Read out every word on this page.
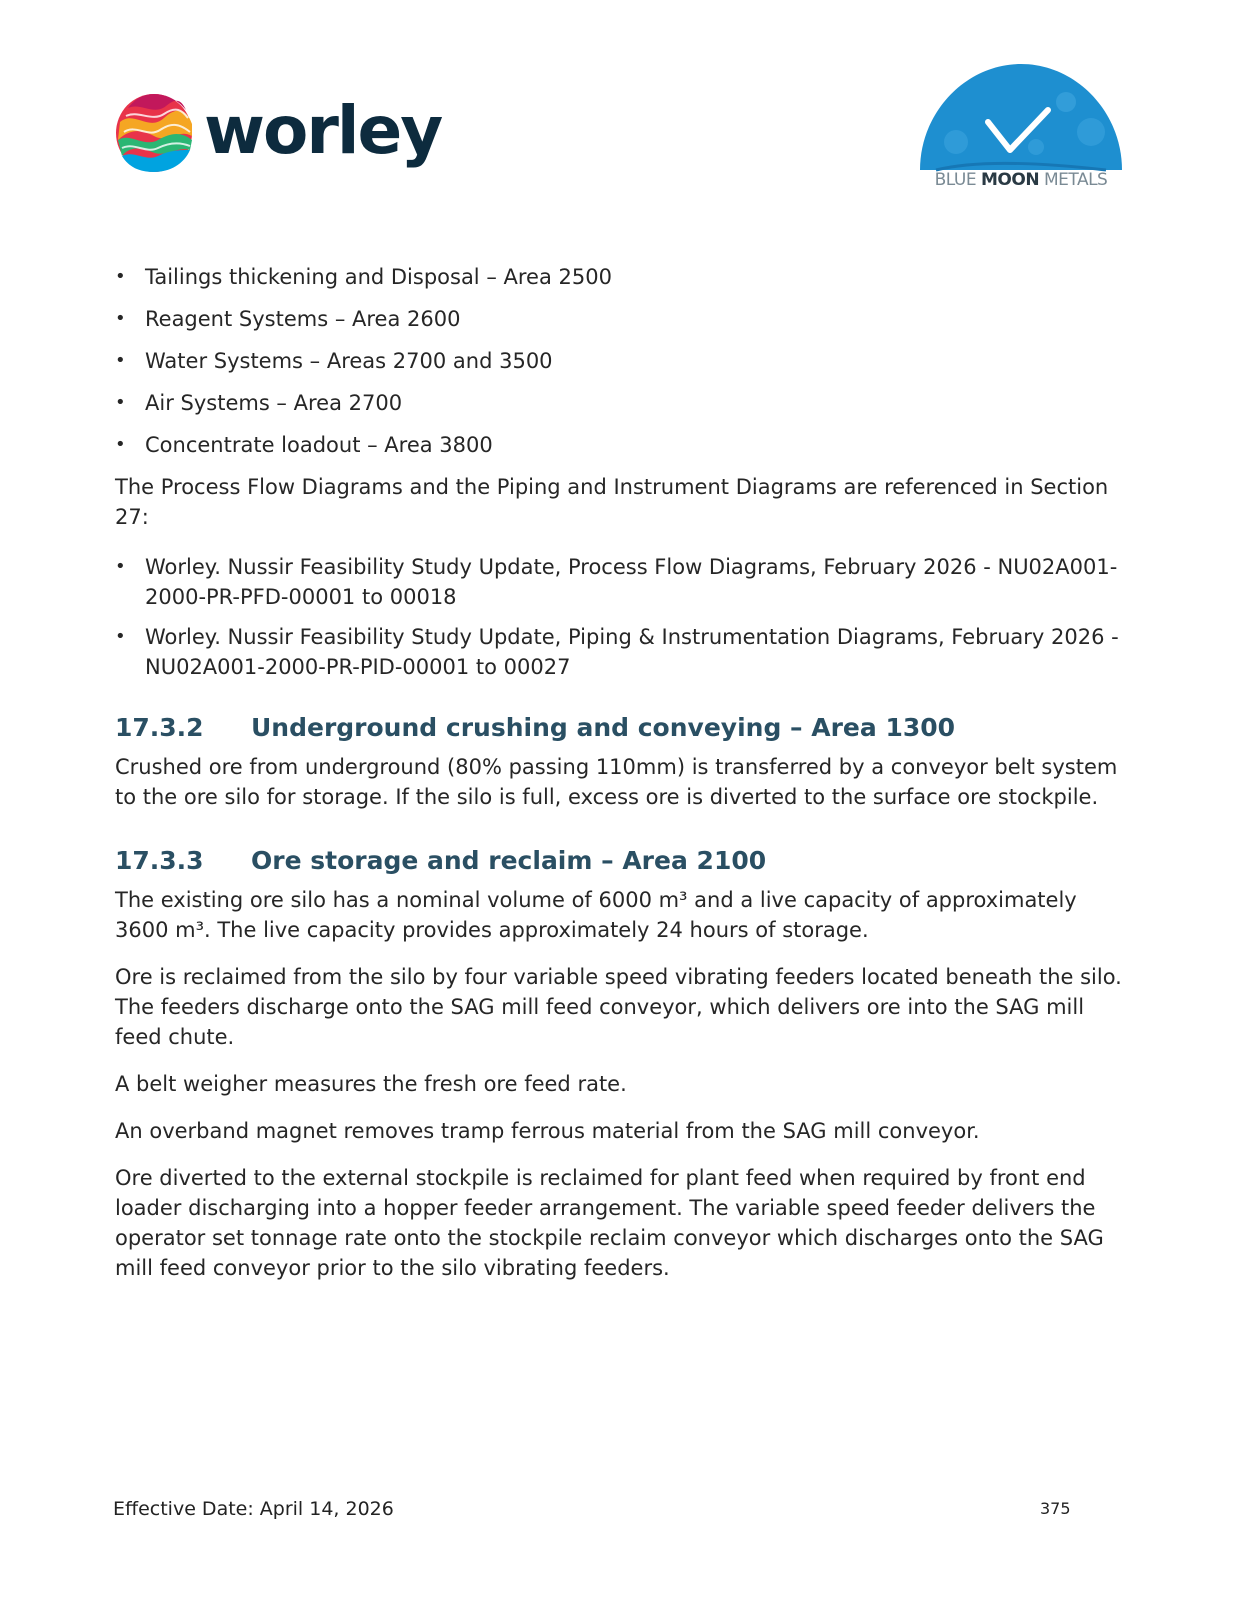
worley
BLUE MOON METALS
• Tailings thickening and Disposal – Area 2500
• Reagent Systems – Area 2600
• Water Systems – Areas 2700 and 3500
• Air Systems – Area 2700
• Concentrate loadout – Area 3800

The Process Flow Diagrams and the Piping and Instrument Diagrams are referenced in Section 27:

• Worley. Nussir Feasibility Study Update, Process Flow Diagrams, February 2026 - NU02A001-2000-PR-PFD-00001 to 00018
• Worley. Nussir Feasibility Study Update, Piping & Instrumentation Diagrams, February 2026 - NU02A001-2000-PR-PID-00001 to 00027
17.3.2 Underground crushing and conveying – Area 1300

Crushed ore from underground (80% passing 110mm) is transferred by a conveyor belt system to the ore silo for storage. If the silo is full, excess ore is diverted to the surface ore stockpile.

17.3.3 Ore storage and reclaim – Area 2100

The existing ore silo has a nominal volume of 6000 m³ and a live capacity of approximately 3600 m³. The live capacity provides approximately 24 hours of storage.

Ore is reclaimed from the silo by four variable speed vibrating feeders located beneath the silo. The feeders discharge onto the SAG mill feed conveyor, which delivers ore into the SAG mill feed chute.

A belt weigher measures the fresh ore feed rate.

An overband magnet removes tramp ferrous material from the SAG mill conveyor.

Ore diverted to the external stockpile is reclaimed for plant feed when required by front end loader discharging into a hopper feeder arrangement. The variable speed feeder delivers the operator set tonnage rate onto the stockpile reclaim conveyor which discharges onto the SAG mill feed conveyor prior to the silo vibrating feeders.

Effective Date: April 14, 2026	375
